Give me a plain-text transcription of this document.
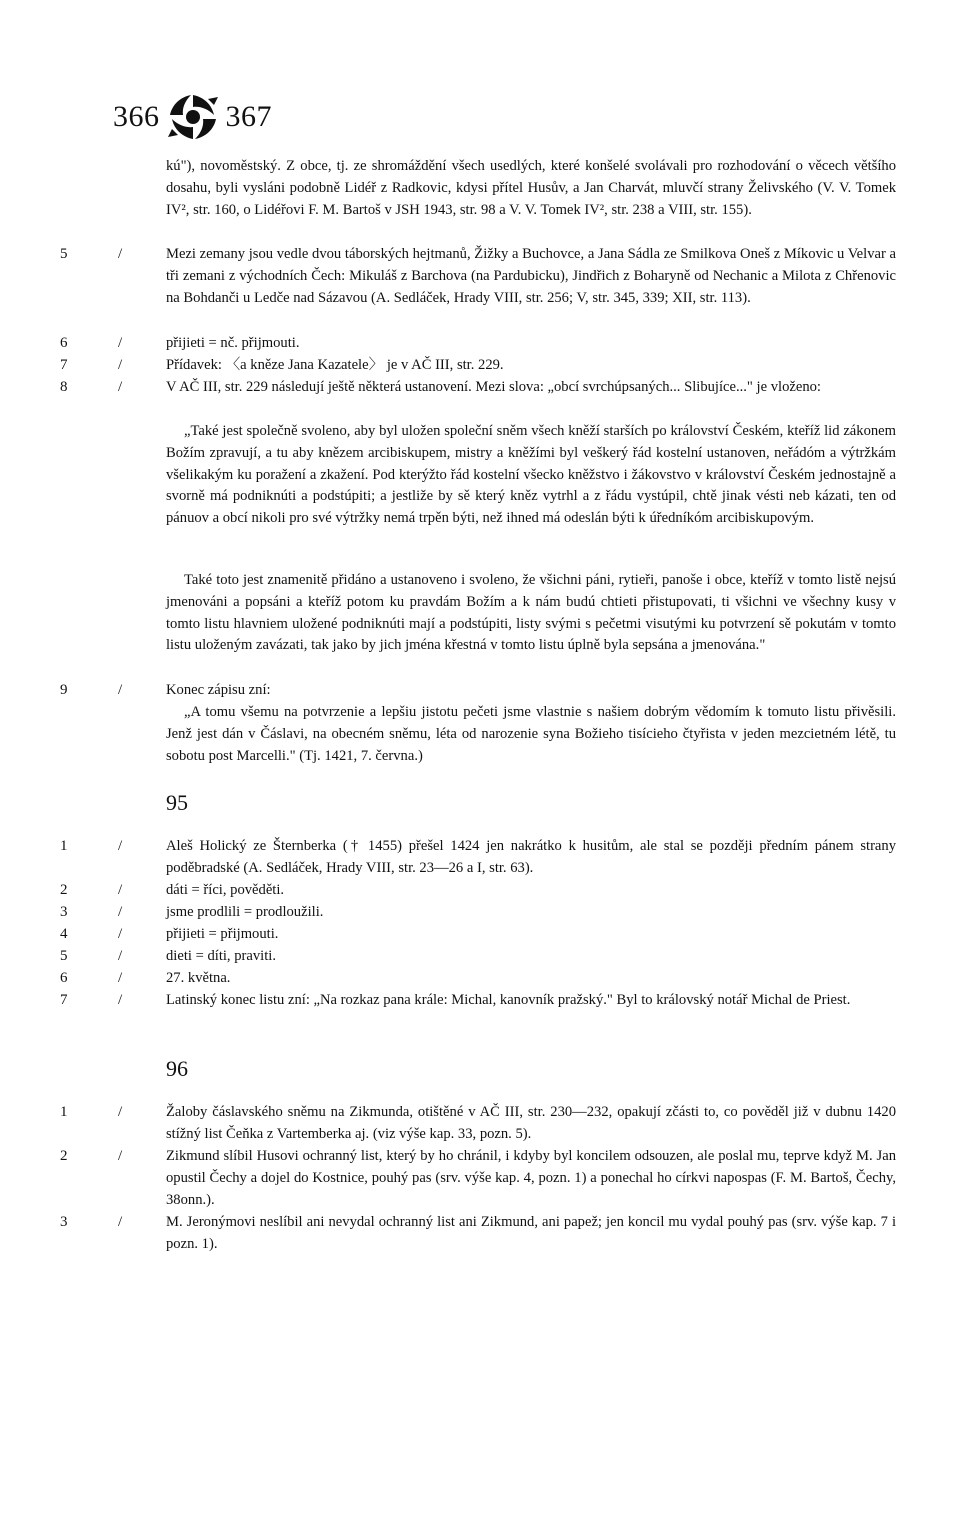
366 367
kú"), novoměstský. Z obce, tj. ze shromáždění všech usedlých, které konšelé svolávali pro rozhodování o věcech většího dosahu, byli vysláni podobně Lidéř z Radkovic, kdysi přítel Husův, a Jan Charvát, mluvčí strany Želivského (V. V. Tomek IV², str. 160, o Lidéřovi F. M. Bartoš v JSH 1943, str. 98 a V. V. Tomek IV², str. 238 a VIII, str. 155).
5	/	Mezi zemany jsou vedle dvou táborských hejtmanů, Žižky a Buchovce, a Jana Sádla ze Smilkova Oneš z Míkovic u Velvar a tři zemani z východních Čech: Mikuláš z Barchova (na Pardubicku), Jindřich z Boharyně od Nechanic a Milota z Chřenovic na Bohdanči u Ledče nad Sázavou (A. Sedláček, Hrady VIII, str. 256; V, str. 345, 339; XII, str. 113).
6	/	přijieti = nč. přijmouti.
7	/	Přídavek: 〈a kněze Jana Kazatele〉 je v AČ III, str. 229.
8	/	V AČ III, str. 229 následují ještě některá ustanovení. Mezi slova: „obcí svrchúpsaných... Slibujíce..." je vloženo:
„Také jest společně svoleno, aby byl uložen společní sněm všech kněží starších po království Českém, kteříž lid zákonem Božím zpravují, a tu aby knězem arcibiskupem, mistry a kněžími byl veškerý řád kostelní ustanoven, neřádóm a výtržkám všelikakým ku poražení a zkažení. Pod kterýžto řád kostelní všecko kněžstvo i žákovstvo v království Českém jednostajně a svorně má podniknúti a podstúpiti; a jestliže by sě který kněz vytrhl a z řádu vystúpil, chtě jinak vésti neb kázati, ten od pánuov a obcí nikoli pro své výtržky nemá trpěn býti, než ihned má odeslán býti k úředníkóm arcibiskupovým.
Také toto jest znamenitě přidáno a ustanoveno i svoleno, že všichni páni, rytieři, panoše i obce, kteříž v tomto listě nejsú jmenováni a popsáni a kteříž potom ku pravdám Božím a k nám budú chtieti přistupovati, ti všichni ve všechny kusy v tomto listu hlavniem uložené podniknúti mají a podstúpiti, listy svými s pečetmi visutými ku potvrzení sě pokutám v tomto listu uloženým zavázati, tak jako by jich jména křestná v tomto listu úplně byla sepsána a jmenována."
9	/	Konec zápisu zní:
„A tomu všemu na potvrzenie a lepšiu jistotu pečeti jsme vlastnie s našiem dobrým vědomím k tomuto listu přivěsili. Jenž jest dán v Čáslavi, na obecném sněmu, léta od narozenie syna Božieho tisícieho čtyřista v jeden mezcietném létě, tu sobotu post Marcelli." (Tj. 1421, 7. června.)
95
1	/	Aleš Holický ze Šternberka († 1455) přešel 1424 jen nakrátko k husitům, ale stal se později předním pánem strany poděbradské (A. Sedláček, Hrady VIII, str. 23—26 a I, str. 63).
2	/	dáti = říci, pověděti.
3	/	jsme prodlili = prodloužili.
4	/	přijieti = přijmouti.
5	/	dieti = díti, praviti.
6	/	27. května.
7	/	Latinský konec listu zní: „Na rozkaz pana krále: Michal, kanovník pražský." Byl to královský notář Michal de Priest.
96
1	/	Žaloby čáslavského sněmu na Zikmunda, otištěné v AČ III, str. 230—232, opakují zčásti to, co pověděl již v dubnu 1420 stížný list Čeňka z Vartemberka aj. (viz výše kap. 33, pozn. 5).
2	/	Zikmund slíbil Husovi ochranný list, který by ho chránil, i kdyby byl koncilem odsouzen, ale poslal mu, teprve když M. Jan opustil Čechy a dojel do Kostnice, pouhý pas (srv. výše kap. 4, pozn. 1) a ponechal ho církvi napospas (F. M. Bartoš, Čechy, 38onn.).
3	/	M. Jeronýmovi neslíbil ani nevydal ochranný list ani Zikmund, ani papež; jen koncil mu vydal pouhý pas (srv. výše kap. 7 i pozn. 1).
